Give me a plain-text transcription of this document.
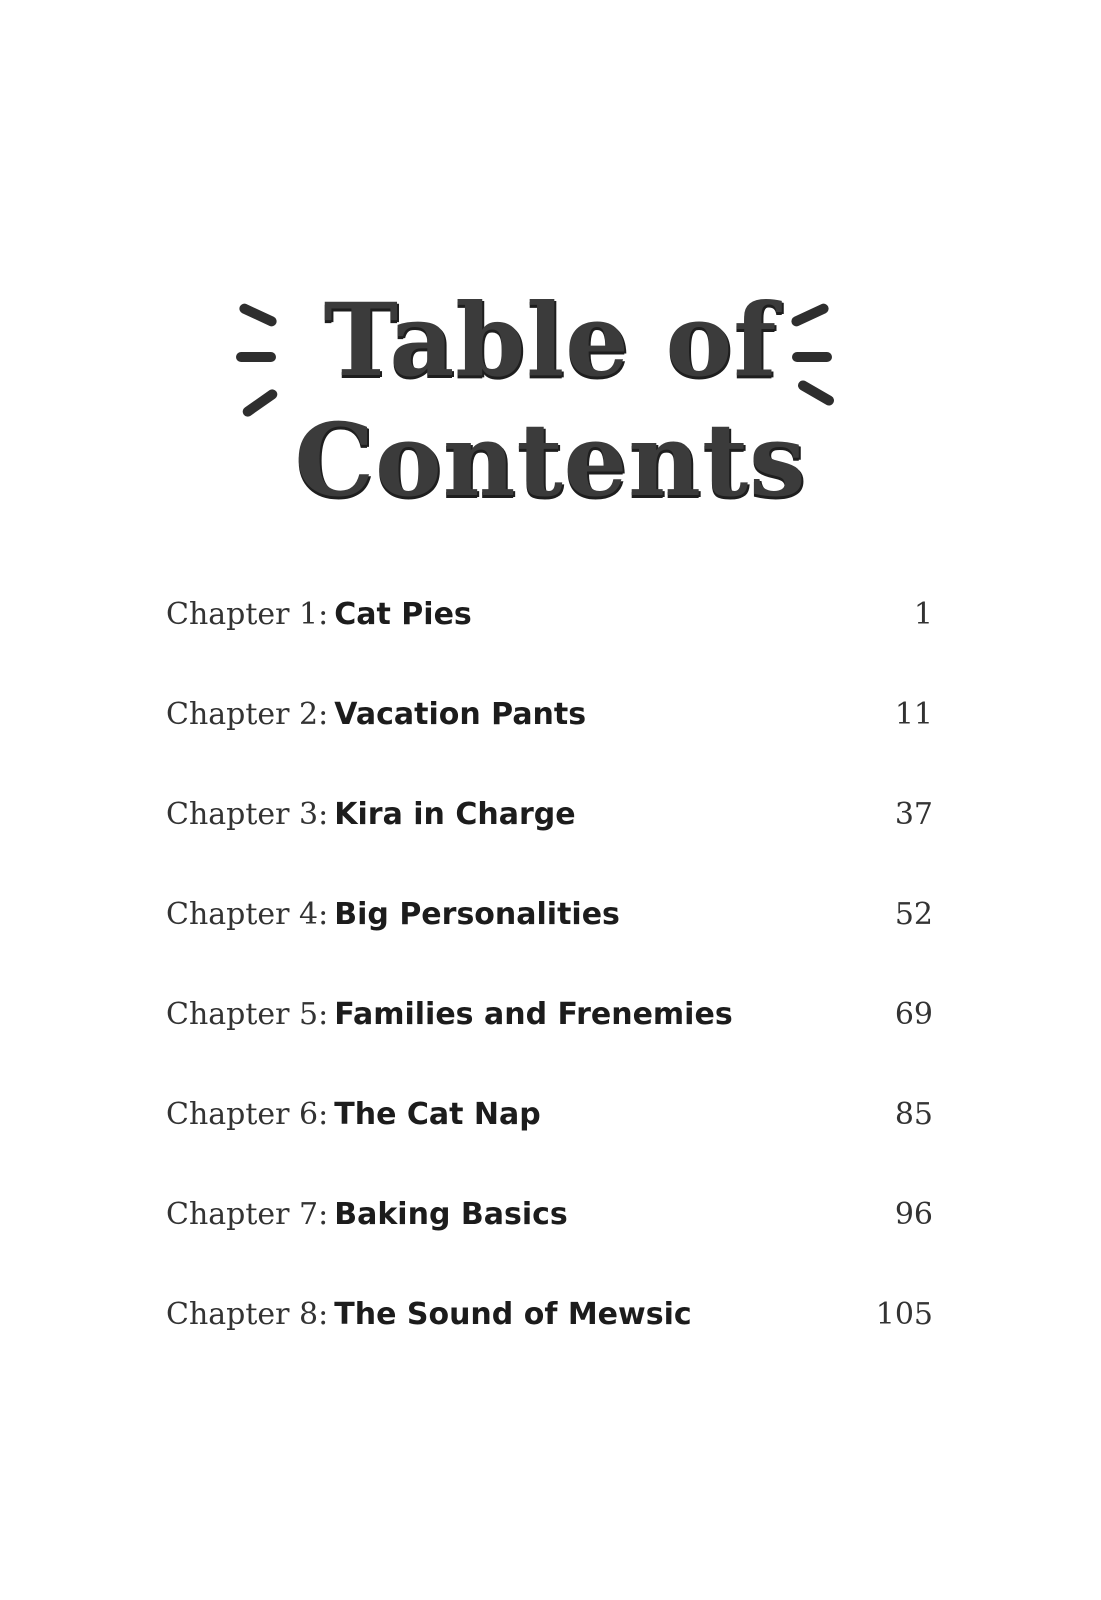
Table of
Contents
Chapter 1: Cat Pies	1
Chapter 2: Vacation Pants	11
Chapter 3: Kira in Charge	37
Chapter 4: Big Personalities	52
Chapter 5: Families and Frenemies	69
Chapter 6: The Cat Nap	85
Chapter 7: Baking Basics	96
Chapter 8: The Sound of Mewsic	105
